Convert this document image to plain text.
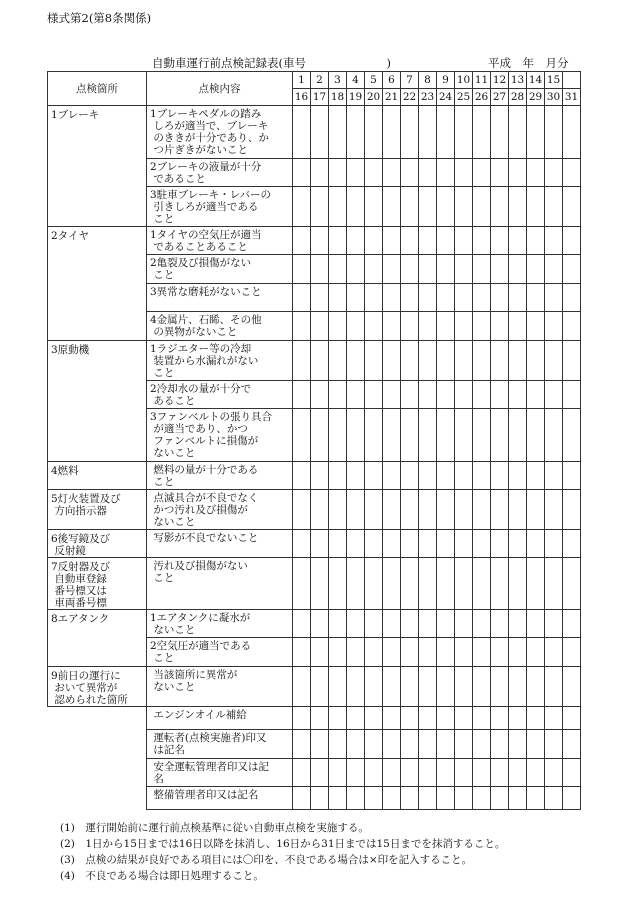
様式第2(第8条関係)
自動車運行前点検記録表(車号　　　　　　　)	平成　年　月分
点検箇所	点検内容	1	2	3	4	5	6	7	8	9	10	11	12	13	14	15	
		16	17	18	19	20	21	22	23	24	25	26	27	28	29	30	31

1ブレーキ	1ブレーキペダルの踏み
しろが適当で、ブレーキ
のききが十分であり、か
つ片ぎきがないこと																

	2ブレーキの液量が十分
であること																

	3駐車ブレーキ・レバーの
引きしろが適当である
こと																

2タイヤ	1タイヤの空気圧が適当
であることあること																

	2亀裂及び損傷がない
こと																

	3異常な磨耗がないこと																

	4金属片、石睎、その他
の異物がないこと																

3原動機	1ラジエター等の冷却
装置から水漏れがない
こと																

	2冷却水の量が十分で
あること																

	3ファンベルトの張り具合
が適当であり、かつ
ファンベルトに損傷が
ないこと																

4燃料	燃料の量が十分である
こと																

5灯火装置及び
方向指示器	点滅具合が不良でなく
かつ汚れ及び損傷が
ないこと																

6後写鏡及び
反射鏡	写影が不良でないこと																

7反射器及び
自動車登録
番号標又は
車両番号標	汚れ及び損傷がない
こと																

8エアタンク	1エアタンクに凝水が
ないこと																

	2空気圧が適当である
こと																

9前日の運行に
おいて異常が
認められた箇所	当該箇所に異常が
ないこと																

	エンジンオイル補給																

	運転者(点検実施者)印又
は記名																

	安全運転管理者印又は記
名																

	整備管理者印又は記名																

(1)　運行開始前に運行前点検基準に従い自動車点検を実施する。
(2)　1日から15日までは16日以降を抹消し、16日から31日までは15日までを抹消すること。
(3)　点検の結果が良好である項目には〇印を、不良である場合は×印を記入すること。
(4)　不良である場合は即日処理すること。
